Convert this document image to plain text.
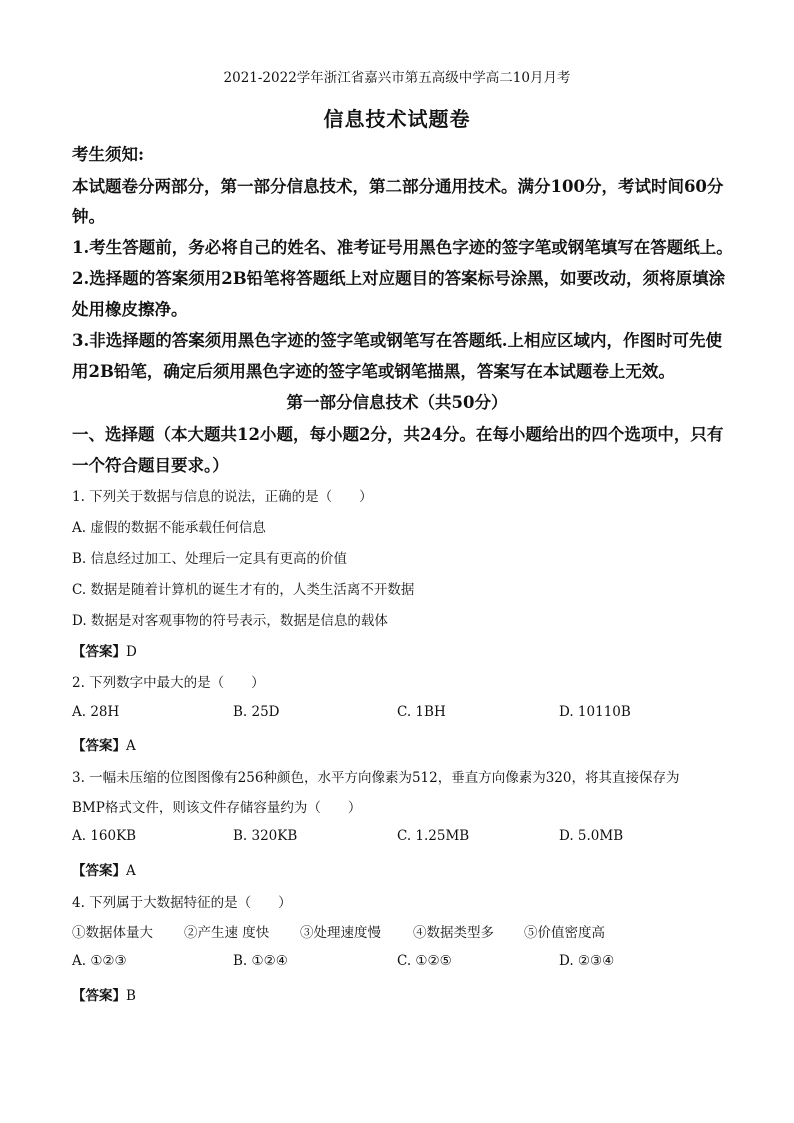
2021-2022学年浙江省嘉兴市第五高级中学高二10月月考
信息技术试题卷
考生须知:
本试题卷分两部分，第一部分信息技术，第二部分通用技术。满分100分，考试时间60分
钟。
1.考生答题前，务必将自己的姓名、准考证号用黑色字迹的签字笔或钢笔填写在答题纸上。
2.选择题的答案须用2B铅笔将答题纸上对应题目的答案标号涂黑，如要改动，须将原填涂
处用橡皮擦净。
3.非选择题的答案须用黑色字迹的签字笔或钢笔写在答题纸.上相应区域内，作图时可先使
用2B铅笔，确定后须用黑色字迹的签字笔或钢笔描黑，答案写在本试题卷上无效。
第一部分信息技术（共50分）
一、选择题（本大题共12小题，每小题2分，共24分。在每小题给出的四个选项中，只有
一个符合题目要求。）
1. 下列关于数据与信息的说法，正确的是（　　）
A. 虚假的数据不能承载任何信息
B. 信息经过加工、处理后一定具有更高的价值
C. 数据是随着计算机的诞生才有的，人类生活离不开数据
D. 数据是对客观事物的符号表示，数据是信息的载体
【答案】D
2. 下列数字中最大的是（　　）
A. 28H	B. 25D	C. 1BH	D. 10110B
【答案】A
3. 一幅未压缩的位图图像有256种颜色，水平方向像素为512，垂直方向像素为320，将其直接保存为
BMP格式文件，则该文件存储容量约为（　　）
A. 160KB	B. 320KB	C. 1.25MB	D. 5.0MB
【答案】A
4. 下列属于大数据特征的是（　　）
①数据体量大 ②产生速 度快 ③处理速度慢 ④数据类型多 ⑤价值密度高
A. ①②③	B. ①②④	C. ①②⑤	D. ②③④
【答案】B
